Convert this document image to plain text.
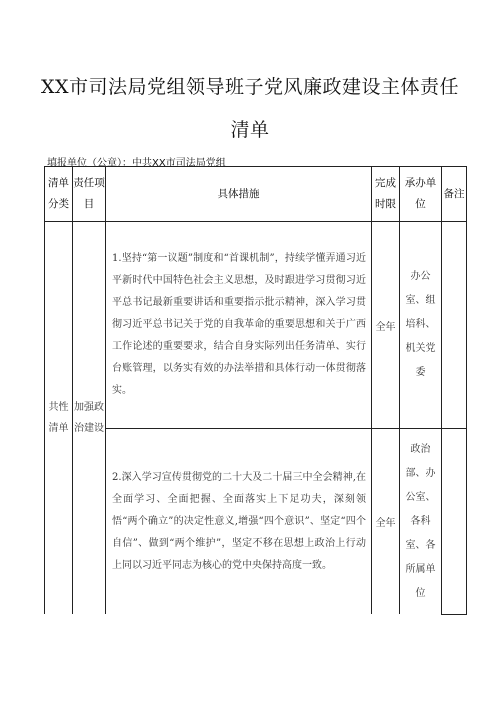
XX市司法局党组领导班子党风廉政建设主体责任
清单
填报单位（公章）：中共XX市司法局党组
清单分类	责任项目	具体措施	完成时限	承办单位	备注
共性清单	加强政治建设	1.坚持“第一议题”制度和“首课机制”，持续学懂弄通习近平新时代中国特色社会主义思想，及时跟进学习贯彻习近平总书记最新重要讲话和重要指示批示精神，深入学习贯彻习近平总书记关于党的自我革命的重要思想和关于广西工作论述的重要要求，结合自身实际列出任务清单、实行台账管理，以务实有效的办法举措和具体行动一体贯彻落实。	全年	办公室、组培科、机关党委	
		2.深入学习宣传贯彻党的二十大及二十届三中全会精神,在全面学习、全面把握、全面落实上下足功夫，深刻领悟“两个确立”的决定性意义,增强“四个意识”、坚定“四个自信”、做到“两个维护”，坚定不移在思想上政治上行动上同以习近平同志为核心的党中央保持高度一致。	全年	政治部、办公室、各科室、各所属单位	
